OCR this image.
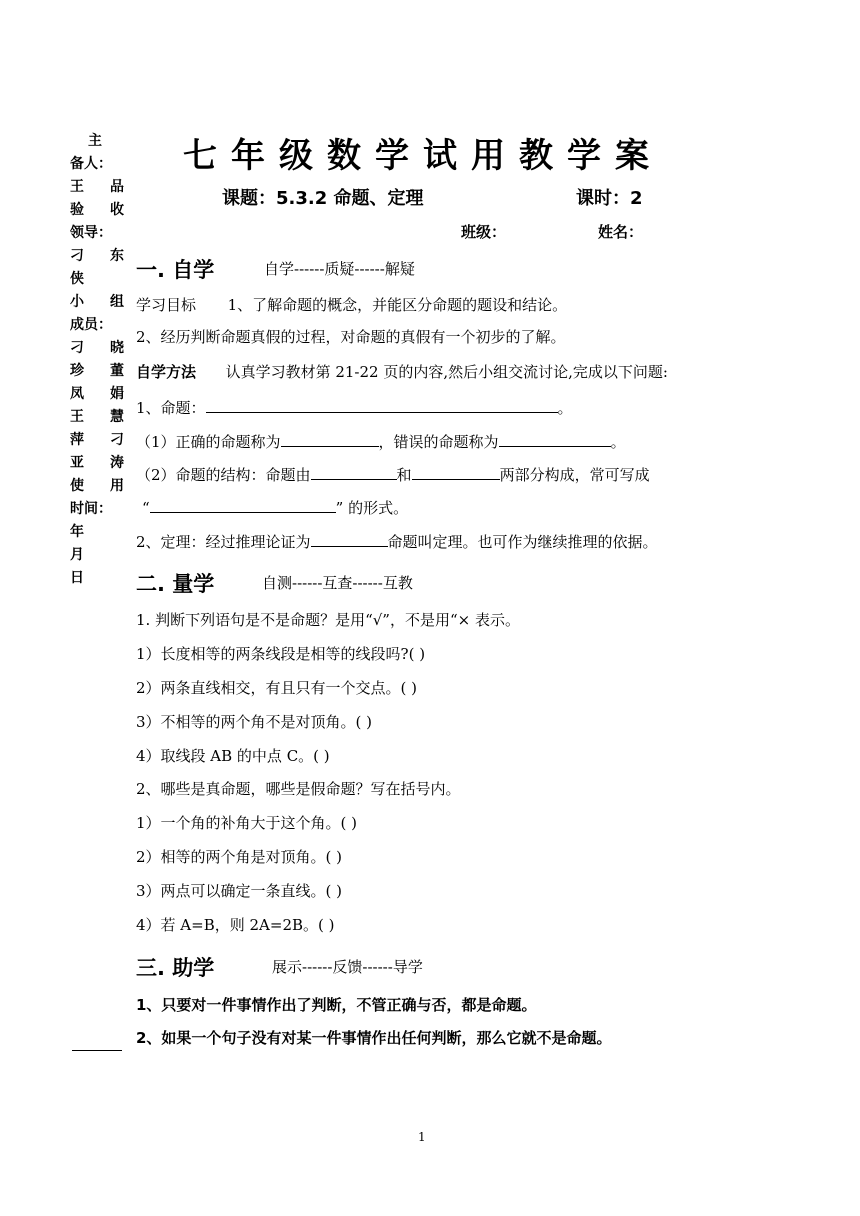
主
备人：
王 品
验 收
领导：
刁 东
侠
小 组
成员：
刁 晓
珍 董
凤 娟
王 慧
萍 刁
亚 涛
使 用
时间：
年
月
日
七年级数学试用教学案
课题：5.3.2 命题、定理	课时：2
班级：	姓名：
一. 自学	自学------质疑------解疑
学习目标 1、了解命题的概念，并能区分命题的题设和结论。
2、经历判断命题真假的过程，对命题的真假有一个初步的了解。
自学方法 认真学习教材第 21-22 页的内容,然后小组交流讨论,完成以下问题:
1、命题：	。
（1）正确的命题称为	，错误的命题称为	。
（2）命题的结构：命题由	和	两部分构成，常可写成
“	” 的形式。
2、定理：经过推理论证为	命题叫定理。也可作为继续推理的依据。
二. 量学	自测------互查------互教
1. 判断下列语句是不是命题？是用“√”，不是用“× 表示。
1）长度相等的两条线段是相等的线段吗?( )
2）两条直线相交，有且只有一个交点。( )
3）不相等的两个角不是对顶角。( )
4）取线段 AB 的中点 C。( )
2、哪些是真命题，哪些是假命题？写在括号内。
1）一个角的补角大于这个角。( )
2）相等的两个角是对顶角。( )
3）两点可以确定一条直线。( )
4）若 A=B，则 2A=2B。( )
三. 助学	展示------反馈------导学
1、只要对一件事情作出了判断，不管正确与否，都是命题。
2、如果一个句子没有对某一件事情作出任何判断，那么它就不是命题。
1
